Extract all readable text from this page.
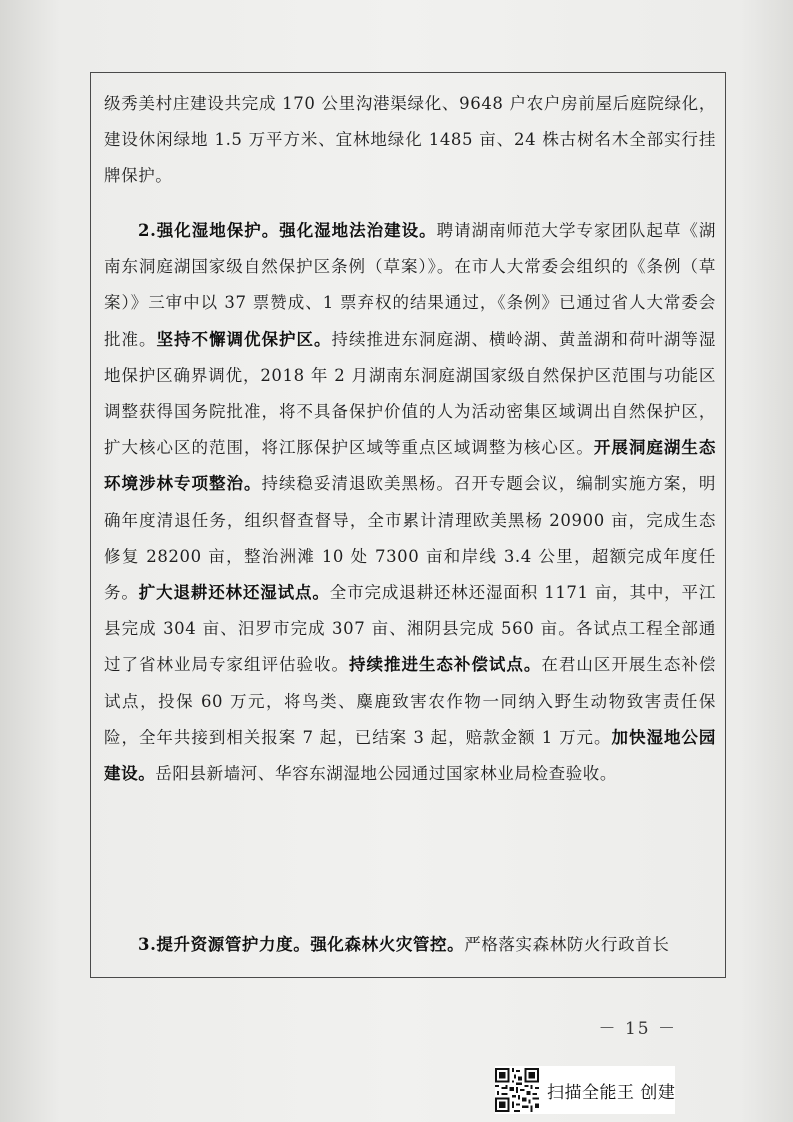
级秀美村庄建设共完成 170 公里沟港渠绿化、9648 户农户房前屋后庭院绿化，建设休闲绿地 1.5 万平方米、宜林地绿化 1485 亩、24 株古树名木全部实行挂牌保护。

2.强化湿地保护。强化湿地法治建设。聘请湖南师范大学专家团队起草《湖南东洞庭湖国家级自然保护区条例（草案）》。在市人大常委会组织的《条例（草案）》三审中以 37 票赞成、1 票弃权的结果通过，《条例》已通过省人大常委会批准。坚持不懈调优保护区。持续推进东洞庭湖、横岭湖、黄盖湖和荷叶湖等湿地保护区确界调优，2018 年 2 月湖南东洞庭湖国家级自然保护区范围与功能区调整获得国务院批准，将不具备保护价值的人为活动密集区域调出自然保护区，扩大核心区的范围，将江豚保护区域等重点区域调整为核心区。开展洞庭湖生态环境涉林专项整治。持续稳妥清退欧美黑杨。召开专题会议，编制实施方案，明确年度清退任务，组织督查督导，全市累计清理欧美黑杨 20900 亩，完成生态修复 28200 亩，整治洲滩 10 处 7300 亩和岸线 3.4 公里，超额完成年度任务。扩大退耕还林还湿试点。全市完成退耕还林还湿面积 1171 亩，其中，平江县完成 304 亩、汨罗市完成 307 亩、湘阴县完成 560 亩。各试点工程全部通过了省林业局专家组评估验收。持续推进生态补偿试点。在君山区开展生态补偿试点，投保 60 万元，将鸟类、麋鹿致害农作物一同纳入野生动物致害责任保险，全年共接到相关报案 7 起，已结案 3 起，赔款金额 1 万元。加快湿地公园建设。岳阳县新墙河、华容东湖湿地公园通过国家林业局检查验收。

3.提升资源管护力度。强化森林火灾管控。严格落实森林防火行政首长

－ 15 －
扫描全能王 创建
